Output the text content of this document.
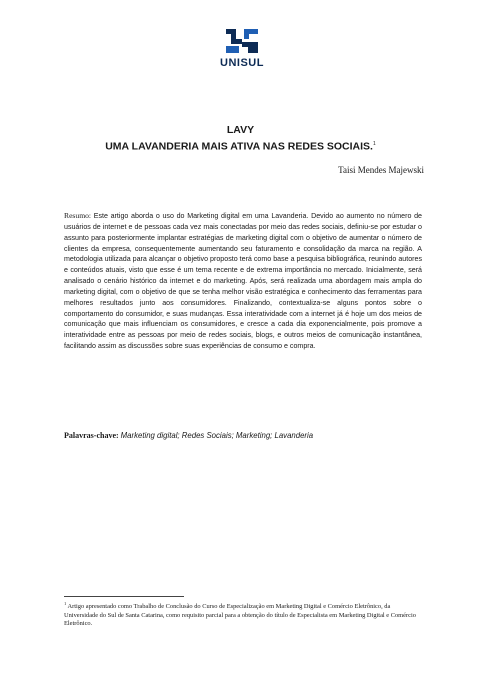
UNISUL
LAVY
UMA LAVANDERIA MAIS ATIVA NAS REDES SOCIAIS.$^1$
Taisi Mendes Majewski
Resumo: Este artigo aborda o uso do Marketing digital em uma Lavanderia. Devido ao aumento no número de usuários de internet e de pessoas cada vez mais conectadas por meio das redes sociais, definiu-se por estudar o assunto para posteriormente implantar estratégias de marketing digital com o objetivo de aumentar o número de clientes da empresa, consequentemente aumentando seu faturamento e consolidação da marca na região. A metodologia utilizada para alcançar o objetivo proposto terá como base a pesquisa bibliográfica, reunindo autores e conteúdos atuais, visto que esse é um tema recente e de extrema importância no mercado. Inicialmente, será analisado o cenário histórico da internet e do marketing. Após, será realizada uma abordagem mais ampla do marketing digital, com o objetivo de que se tenha melhor visão estratégica e conhecimento das ferramentas para melhores resultados junto aos consumidores. Finalizando, contextualiza-se alguns pontos sobre o comportamento do consumidor, e suas mudanças. Essa interatividade com a internet já é hoje um dos meios de comunicação que mais influenciam os consumidores, e cresce a cada dia exponencialmente, pois promove a interatividade entre as pessoas por meio de redes sociais, blogs, e outros meios de comunicação instantânea, facilitando assim as discussões sobre suas experiências de consumo e compra.
Palavras-chave: Marketing digital; Redes Sociais; Marketing; Lavanderia
$^1$ Artigo apresentado como Trabalho de Conclusão do Curso de Especialização em Marketing Digital e Comércio Eletrônico, da Universidade do Sul de Santa Catarina, como requisito parcial para a obtenção do título de Especialista em Marketing Digital e Comércio Eletrônico.
